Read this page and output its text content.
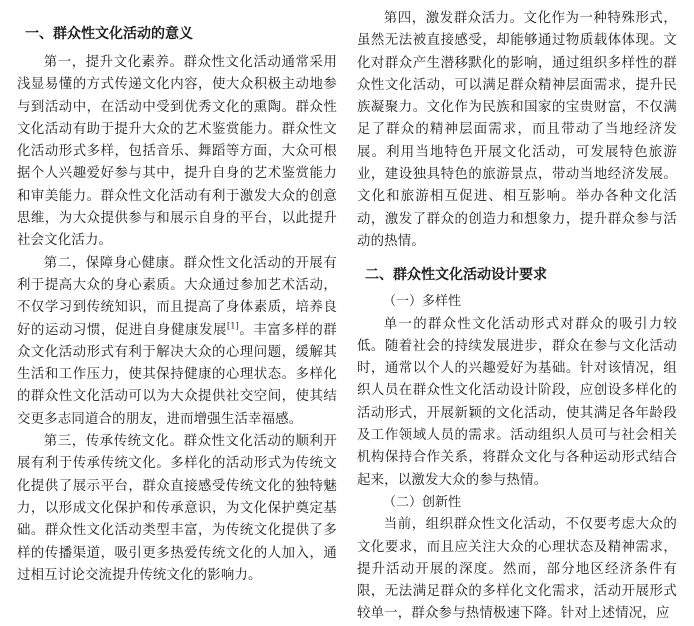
一、群众性文化活动的意义

第一，提升文化素养。群众性文化活动通常采用浅显易懂的方式传递文化内容，使大众积极主动地参与到活动中，在活动中受到优秀文化的熏陶。群众性文化活动有助于提升大众的艺术鉴赏能力。群众性文化活动形式多样，包括音乐、舞蹈等方面，大众可根据个人兴趣爱好参与其中，提升自身的艺术鉴赏能力和审美能力。群众性文化活动有利于激发大众的创意思维，为大众提供参与和展示自身的平台，以此提升社会文化活力。

第二，保障身心健康。群众性文化活动的开展有利于提高大众的身心素质。大众通过参加艺术活动，不仅学习到传统知识，而且提高了身体素质，培养良好的运动习惯，促进自身健康发展[1]。丰富多样的群众文化活动形式有利于解决大众的心理问题，缓解其生活和工作压力，使其保持健康的心理状态。多样化的群众性文化活动可以为大众提供社交空间，使其结交更多志同道合的朋友，进而增强生活幸福感。

第三，传承传统文化。群众性文化活动的顺利开展有利于传承传统文化。多样化的活动形式为传统文化提供了展示平台，群众直接感受传统文化的独特魅力，以形成文化保护和传承意识，为文化保护奠定基础。群众性文化活动类型丰富，为传统文化提供了多样的传播渠道，吸引更多热爱传统文化的人加入，通过相互讨论交流提升传统文化的影响力。

第四，激发群众活力。文化作为一种特殊形式，虽然无法被直接感受，却能够通过物质载体体现。文化对群众产生潜移默化的影响，通过组织多样性的群众性文化活动，可以满足群众精神层面需求，提升民族凝聚力。文化作为民族和国家的宝贵财富，不仅满足了群众的精神层面需求，而且带动了当地经济发展。利用当地特色开展文化活动，可发展特色旅游业，建设独具特色的旅游景点，带动当地经济发展。文化和旅游相互促进、相互影响。举办各种文化活动，激发了群众的创造力和想象力，提升群众参与活动的热情。

二、群众性文化活动设计要求

（一）多样性

单一的群众性文化活动形式对群众的吸引力较低。随着社会的持续发展进步，群众在参与文化活动时，通常以个人的兴趣爱好为基础。针对该情况，组织人员在群众性文化活动设计阶段，应创设多样化的活动形式，开展新颖的文化活动，使其满足各年龄段及工作领域人员的需求。活动组织人员可与社会相关机构保持合作关系，将群众文化与各种运动形式结合起来，以激发大众的参与热情。

（二）创新性

当前，组织群众性文化活动，不仅要考虑大众的文化要求，而且应关注大众的心理状态及精神需求，提升活动开展的深度。然而，部分地区经济条件有限，无法满足群众的多样化文化需求，活动开展形式较单一，群众参与热情极速下降。针对上述情况，应
